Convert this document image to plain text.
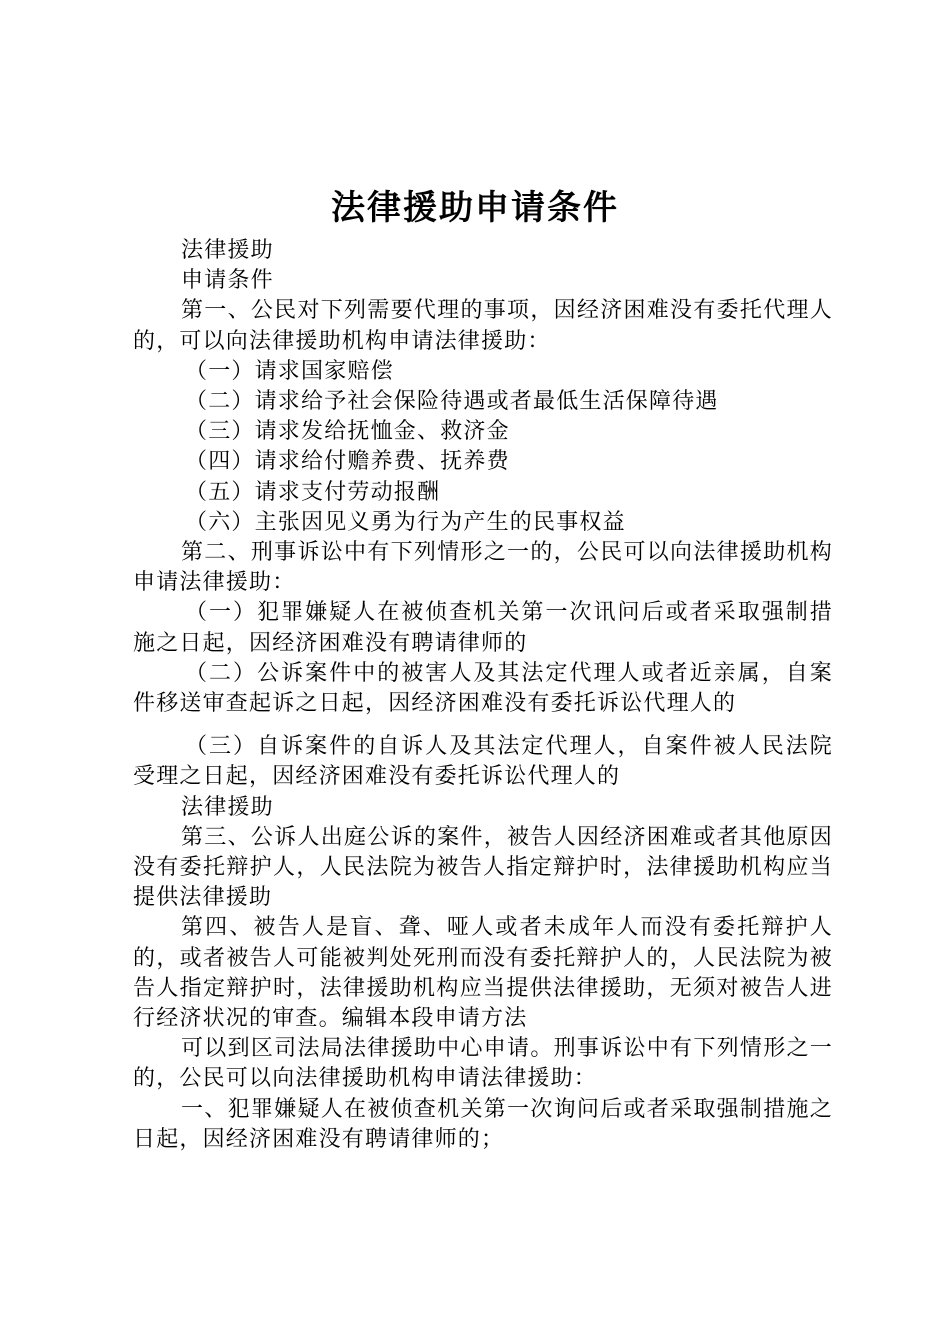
法律援助申请条件

法律援助

申请条件

第一、公民对下列需要代理的事项，因经济困难没有委托代理人的，可以向法律援助机构申请法律援助：

（一）请求国家赔偿

（二）请求给予社会保险待遇或者最低生活保障待遇

（三）请求发给抚恤金、救济金

（四）请求给付赡养费、抚养费

（五）请求支付劳动报酬

（六）主张因见义勇为行为产生的民事权益

第二、刑事诉讼中有下列情形之一的，公民可以向法律援助机构申请法律援助：

（一）犯罪嫌疑人在被侦查机关第一次讯问后或者采取强制措施之日起，因经济困难没有聘请律师的

（二）公诉案件中的被害人及其法定代理人或者近亲属，自案件移送审查起诉之日起，因经济困难没有委托诉讼代理人的

（三）自诉案件的自诉人及其法定代理人，自案件被人民法院受理之日起，因经济困难没有委托诉讼代理人的

法律援助

第三、公诉人出庭公诉的案件，被告人因经济困难或者其他原因没有委托辩护人，人民法院为被告人指定辩护时，法律援助机构应当提供法律援助

第四、被告人是盲、聋、哑人或者未成年人而没有委托辩护人的，或者被告人可能被判处死刑而没有委托辩护人的，人民法院为被告人指定辩护时，法律援助机构应当提供法律援助，无须对被告人进行经济状况的审查。编辑本段申请方法

可以到区司法局法律援助中心申请。刑事诉讼中有下列情形之一的，公民可以向法律援助机构申请法律援助：

一、犯罪嫌疑人在被侦查机关第一次询问后或者采取强制措施之日起，因经济困难没有聘请律师的；
